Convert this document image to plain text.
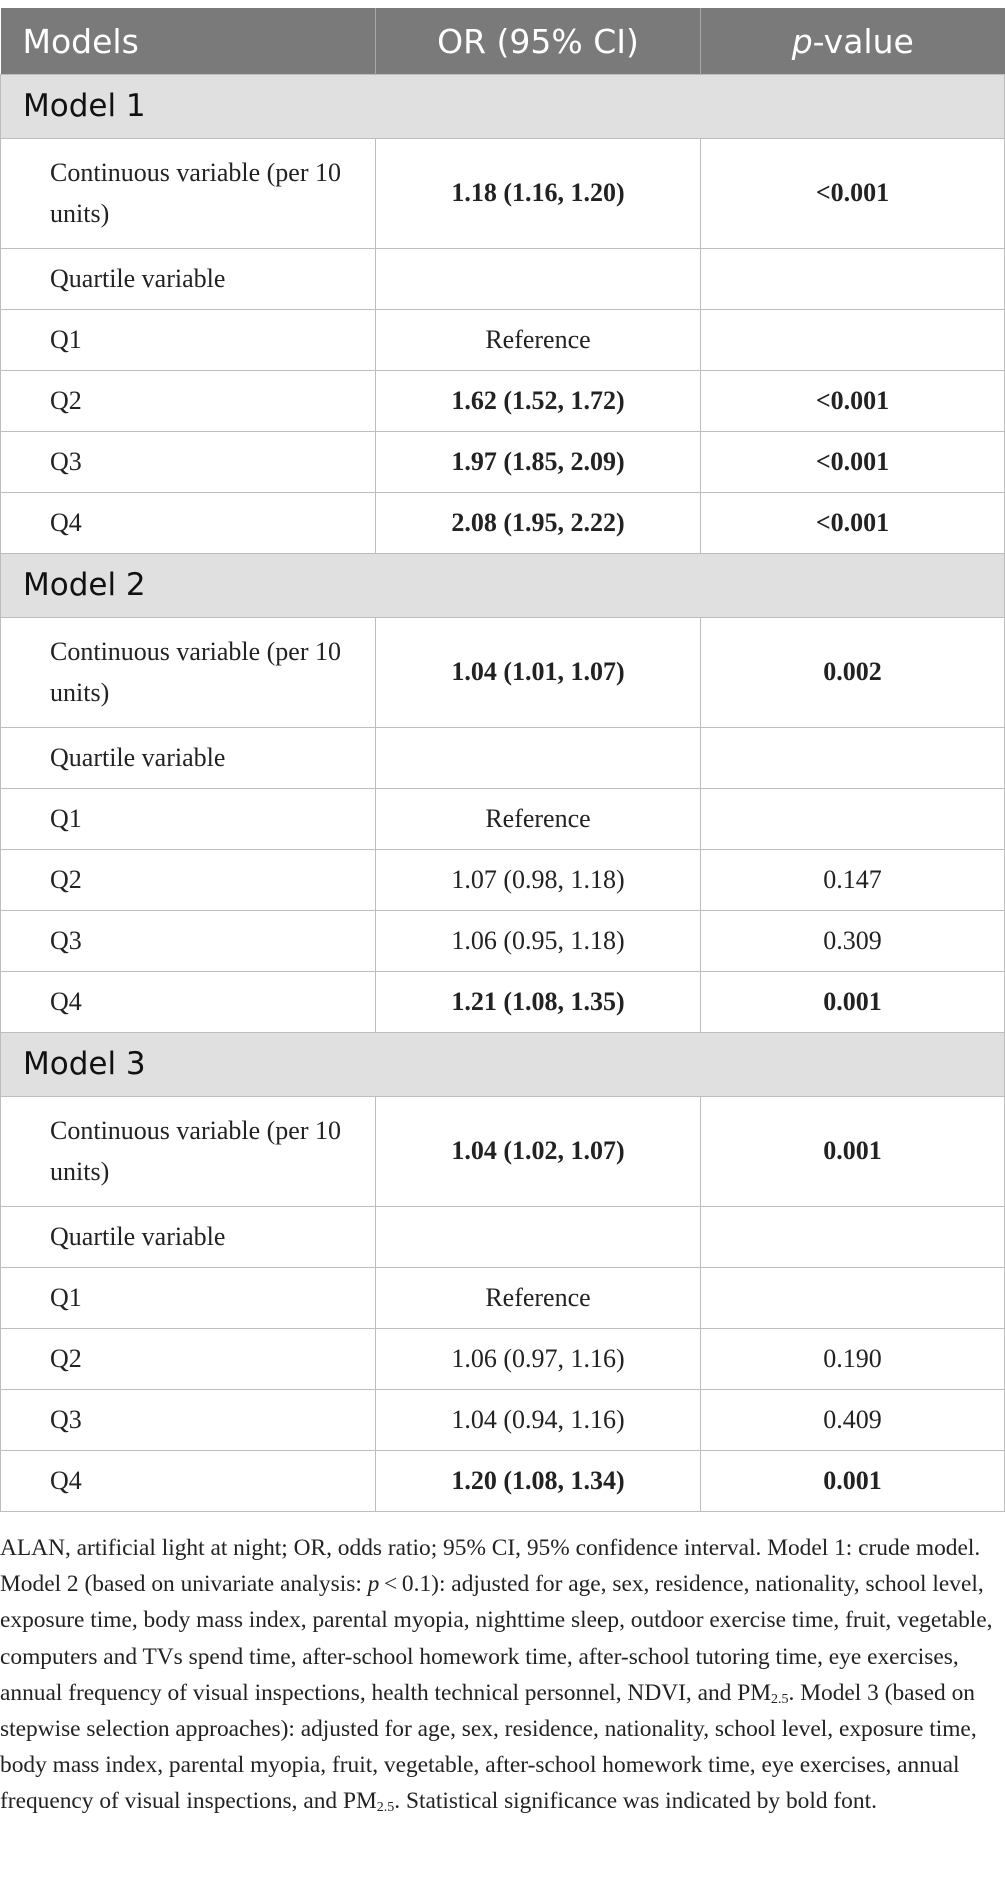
Models	OR (95% CI)	p-value
Model 1		
Continuous variable (per 10 units)	1.18 (1.16, 1.20)	<0.001
Quartile variable		
Q1	Reference	
Q2	1.62 (1.52, 1.72)	<0.001
Q3	1.97 (1.85, 2.09)	<0.001
Q4	2.08 (1.95, 2.22)	<0.001
Model 2		
Continuous variable (per 10 units)	1.04 (1.01, 1.07)	0.002
Quartile variable		
Q1	Reference	
Q2	1.07 (0.98, 1.18)	0.147
Q3	1.06 (0.95, 1.18)	0.309
Q4	1.21 (1.08, 1.35)	0.001
Model 3		
Continuous variable (per 10 units)	1.04 (1.02, 1.07)	0.001
Quartile variable		
Q1	Reference	
Q2	1.06 (0.97, 1.16)	0.190
Q3	1.04 (0.94, 1.16)	0.409
Q4	1.20 (1.08, 1.34)	0.001

ALAN, artificial light at night; OR, odds ratio; 95% CI, 95% confidence interval. Model 1: crude model. Model 2 (based on univariate analysis: p < 0.1): adjusted for age, sex, residence, nationality, school level, exposure time, body mass index, parental myopia, nighttime sleep, outdoor exercise time, fruit, vegetable, computers and TVs spend time, after-school homework time, after-school tutoring time, eye exercises, annual frequency of visual inspections, health technical personnel, NDVI, and $PM_{2.5}$. Model 3 (based on stepwise selection approaches): adjusted for age, sex, residence, nationality, school level, exposure time, body mass index, parental myopia, fruit, vegetable, after-school homework time, eye exercises, annual frequency of visual inspections, and $PM_{2.5}$. Statistical significance was indicated by bold font.
